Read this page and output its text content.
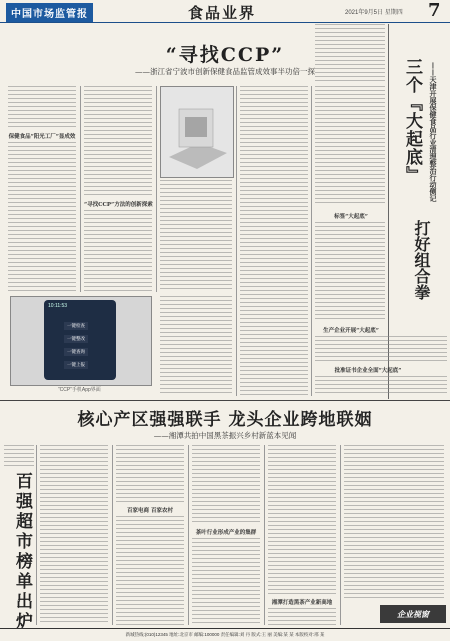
中国市场监管报	食品业界	2021年9月5日 星期四 7
“寻找CCP”
——浙江省宁波市创新保健食品监管成效事半功倍一探
保健食品“阳光工厂”显成效
“寻找CCP”方法的创新探索
10:11:53
一键检查
一键整改
一键查询
一键上报
“CCP”手机App界面
三个『大起底』	——天津开展保健食品行业清理整治行动侧记
打好组合拳
标签“大起底”
生产企业开展“大起底”
批准证书企业全面“大起底”
核心产区强强联手 龙头企业跨地联姻
——湘潭共拍中国黑茶振兴乡村新蓝本见闻
百强超市榜单出炉	百家电商 百家农村
茶叶行业形成产业的集群
湘潭打造黑茶产业新高地
企业视窗
新城热线:(010)12345 地址:北京市 邮编:100000 责任编辑:刘 丹 版式:王 丽 美编:某 某 本版校对:邢 某
